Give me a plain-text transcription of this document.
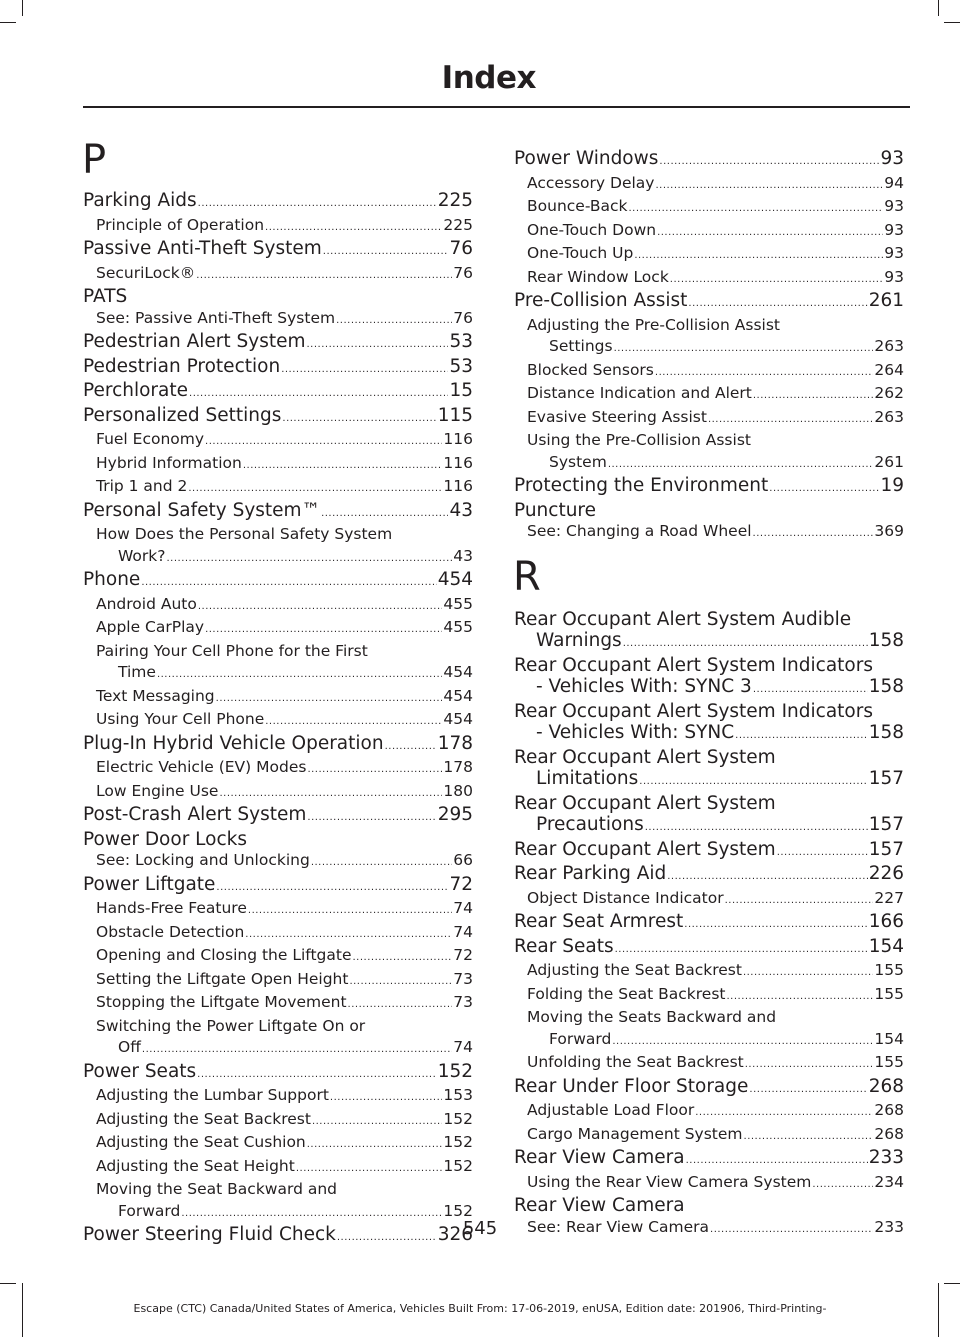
Index
P
Parking Aids .....	225
Principle of Operation .....	225
Passive Anti-Theft System .....	76
SecuriLock® .....	76
PATS
See: Passive Anti-Theft System .....	76
Pedestrian Alert System .....	53
Pedestrian Protection .....	53
Perchlorate .....	15
Personalized Settings .....	115
Fuel Economy .....	116
Hybrid Information .....	116
Trip 1 and 2 .....	116
Personal Safety System™ .....	43
How Does the Personal Safety System
Work? .....	43
Phone .....	454
Android Auto .....	455
Apple CarPlay .....	455
Pairing Your Cell Phone for the First
Time .....	454
Text Messaging .....	454
Using Your Cell Phone .....	454
Plug-In Hybrid Vehicle Operation .....	178
Electric Vehicle (EV) Modes .....	178
Low Engine Use .....	180
Post-Crash Alert System .....	295
Power Door Locks
See: Locking and Unlocking .....	66
Power Liftgate .....	72
Hands-Free Feature .....	74
Obstacle Detection .....	74
Opening and Closing the Liftgate .....	72
Setting the Liftgate Open Height .....	73
Stopping the Liftgate Movement .....	73
Switching the Power Liftgate On or
Off .....	74
Power Seats .....	152
Adjusting the Lumbar Support .....	153
Adjusting the Seat Backrest .....	152
Adjusting the Seat Cushion .....	152
Adjusting the Seat Height .....	152
Moving the Seat Backward and
Forward .....	152
Power Steering Fluid Check .....	326
Power Windows .....	93
Accessory Delay .....	94
Bounce-Back .....	93
One-Touch Down .....	93
One-Touch Up .....	93
Rear Window Lock .....	93
Pre-Collision Assist .....	261
Adjusting the Pre-Collision Assist
Settings .....	263
Blocked Sensors .....	264
Distance Indication and Alert .....	262
Evasive Steering Assist .....	263
Using the Pre-Collision Assist
System .....	261
Protecting the Environment .....	19
Puncture
See: Changing a Road Wheel .....	369
R
Rear Occupant Alert System Audible
Warnings .....	158
Rear Occupant Alert System Indicators
- Vehicles With: SYNC 3 .....	158
Rear Occupant Alert System Indicators
- Vehicles With: SYNC .....	158
Rear Occupant Alert System
Limitations .....	157
Rear Occupant Alert System
Precautions .....	157
Rear Occupant Alert System .....	157
Rear Parking Aid .....	226
Object Distance Indicator .....	227
Rear Seat Armrest .....	166
Rear Seats .....	154
Adjusting the Seat Backrest .....	155
Folding the Seat Backrest .....	155
Moving the Seats Backward and
Forward .....	154
Unfolding the Seat Backrest .....	155
Rear Under Floor Storage .....	268
Adjustable Load Floor .....	268
Cargo Management System .....	268
Rear View Camera .....	233
Using the Rear View Camera System .....	234
Rear View Camera
See: Rear View Camera .....	233
545
Escape (CTC) Canada/United States of America, Vehicles Built From: 17-06-2019, enUSA, Edition date: 201906, Third-Printing-
